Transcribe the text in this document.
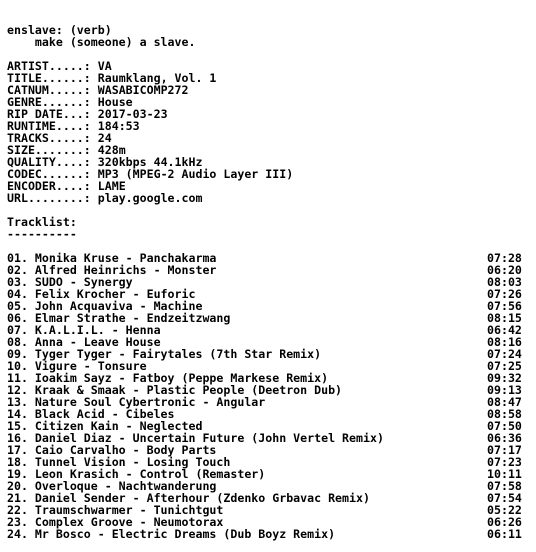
enslave: (verb)
make (someone) a slave.
ARTIST.....: VA
TITLE......: Raumklang, Vol. 1
CATNUM.....: WASABICOMP272
GENRE......: House
RIP DATE...: 2017-03-23
RUNTIME....: 184:53
TRACKS.....: 24
SIZE.......: 428m
QUALITY....: 320kbps 44.1kHz
CODEC......: MP3 (MPEG-2 Audio Layer III)
ENCODER....: LAME
URL........: play.google.com
Tracklist:
----------
01. Monika Kruse - Panchakarma	07:28
02. Alfred Heinrichs - Monster	06:20
03. SUDO - Synergy	08:03
04. Felix Krocher - Euforic	07:26
05. John Acquaviva - Machine	07:56
06. Elmar Strathe - Endzeitzwang	08:15
07. K.A.L.I.L. - Henna	06:42
08. Anna - Leave House	08:16
09. Tyger Tyger - Fairytales (7th Star Remix)	07:24
10. Vigure - Tonsure	07:25
11. Ioakim Sayz - Fatboy (Peppe Markese Remix)	09:32
12. Kraak & Smaak - Plastic People (Deetron Dub)	09:13
13. Nature Soul Cybertronic - Angular	08:47
14. Black Acid - Cibeles	08:58
15. Citizen Kain - Neglected	07:50
16. Daniel Diaz - Uncertain Future (John Vertel Remix)	06:36
17. Caio Carvalho - Body Parts	07:17
18. Tunnel Vision - Losing Touch	07:23
19. Leon Krasich - Control (Remaster)	10:11
20. Overloque - Nachtwanderung	07:58
21. Daniel Sender - Afterhour (Zdenko Grbavac Remix)	07:54
22. Traumschwarmer - Tunichtgut	05:22
23. Complex Groove - Neumotorax	06:26
24. Mr Bosco - Electric Dreams (Dub Boyz Remix)	06:11
